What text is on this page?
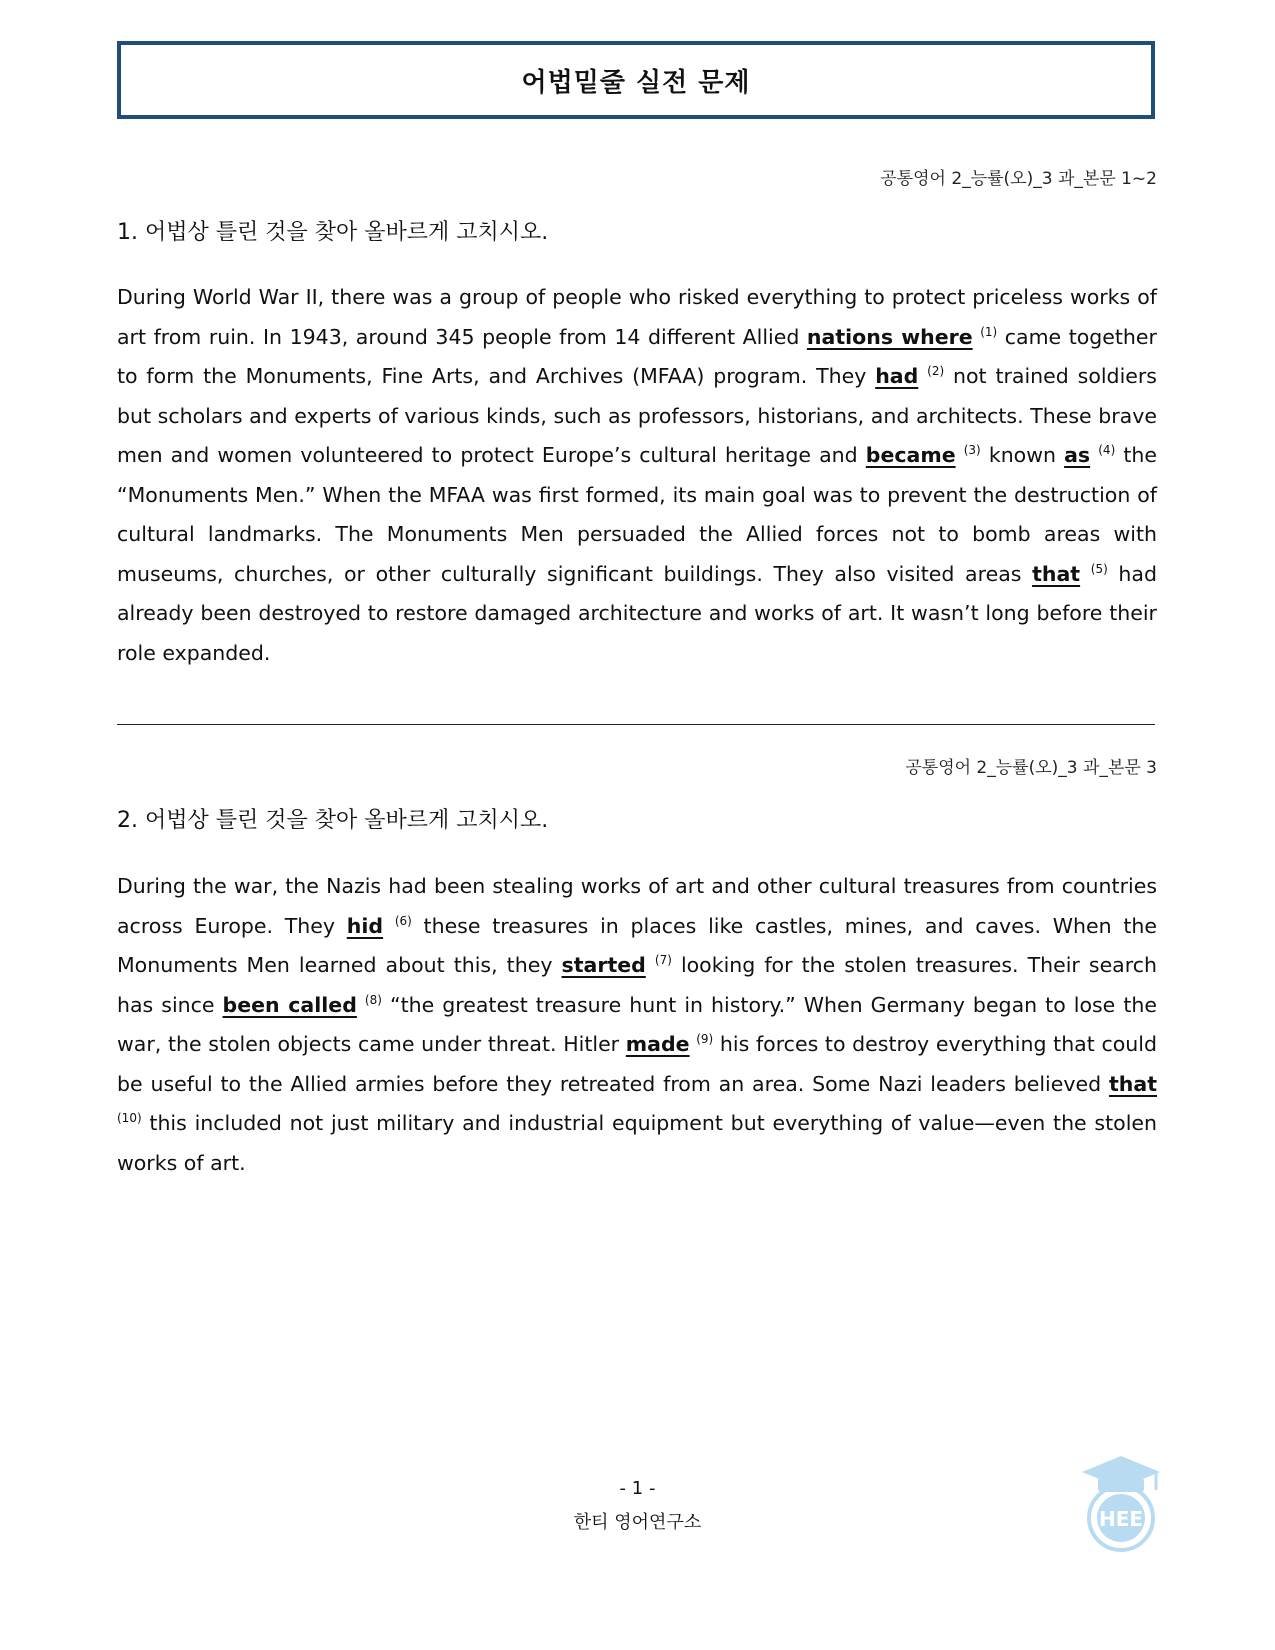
어법밑줄 실전 문제
공통영어 2_능률(오)_3 과_본문 1~2
1. 어법상 틀린 것을 찾아 올바르게 고치시오.

During World War II, there was a group of people who risked everything to protect priceless works of art from ruin. In 1943, around 345 people from 14 different Allied nations where $^{(1)}$ came together to form the Monuments, Fine Arts, and Archives (MFAA) program. They had $^{(2)}$ not trained soldiers but scholars and experts of various kinds, such as professors, historians, and architects. These brave men and women volunteered to protect Europe’s cultural heritage and became $^{(3)}$ known as $^{(4)}$ the “Monuments Men.” When the MFAA was first formed, its main goal was to prevent the destruction of cultural landmarks. The Monuments Men persuaded the Allied forces not to bomb areas with museums, churches, or other culturally significant buildings. They also visited areas that $^{(5)}$ had already been destroyed to restore damaged architecture and works of art. It wasn’t long before their role expanded.

공통영어 2_능률(오)_3 과_본문 3
2. 어법상 틀린 것을 찾아 올바르게 고치시오.

During the war, the Nazis had been stealing works of art and other cultural treasures from countries across Europe. They hid $^{(6)}$ these treasures in places like castles, mines, and caves. When the Monuments Men learned about this, they started $^{(7)}$ looking for the stolen treasures. Their search has since been called $^{(8)}$ “the greatest treasure hunt in history.” When Germany began to lose the war, the stolen objects came under threat. Hitler made $^{(9)}$ his forces to destroy everything that could be useful to the Allied armies before they retreated from an area. Some Nazi leaders believed that $^{(10)}$ this included not just military and industrial equipment but everything of value—even the stolen works of art.

HEE
- 1 -
한티 영어연구소
